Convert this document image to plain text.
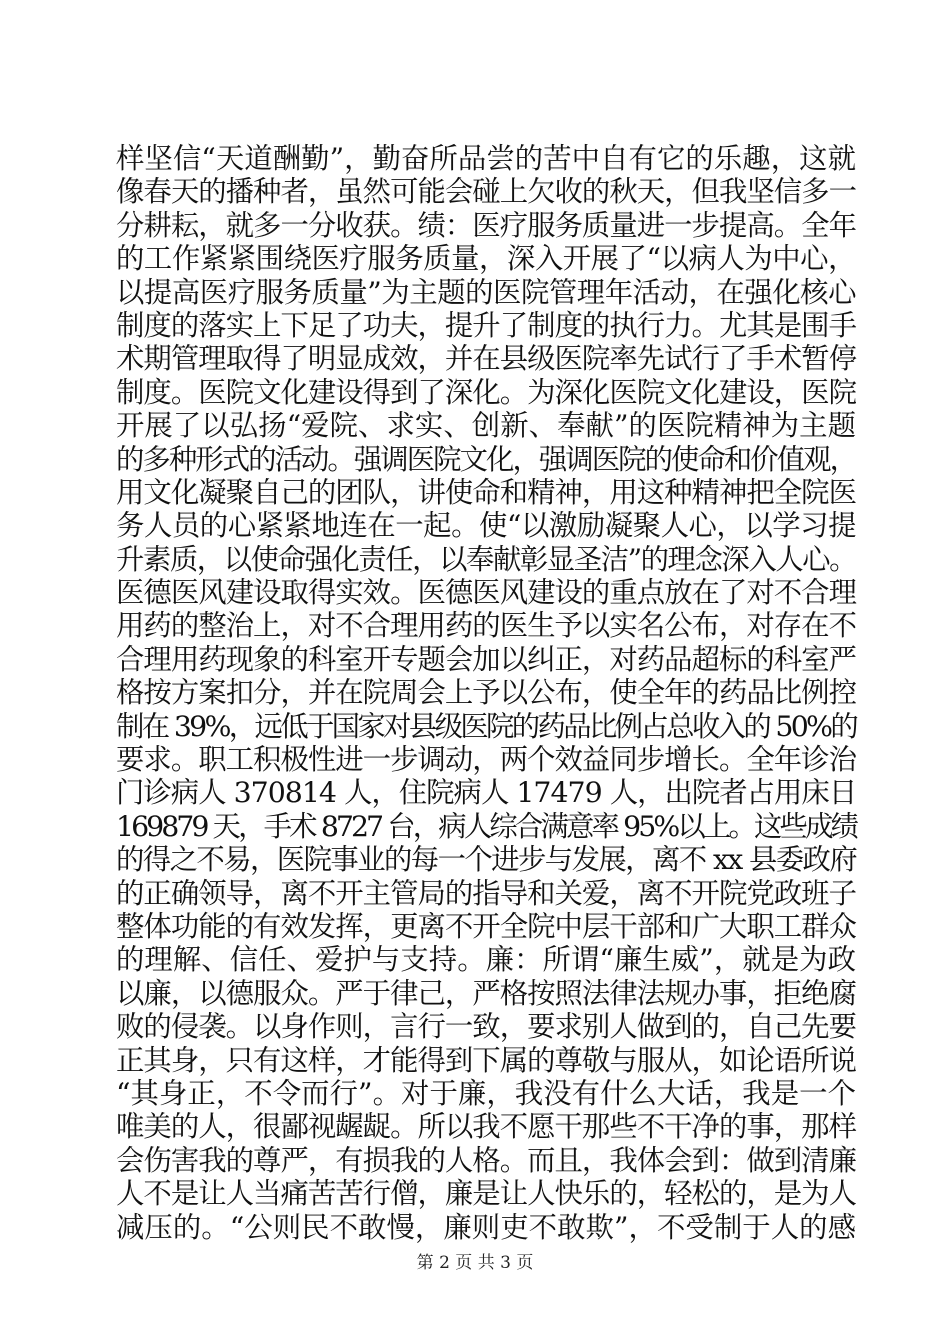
样坚信“天道酬勤”，勤奋所品尝的苦中自有它的乐趣，这就
像春天的播种者，虽然可能会碰上欠收的秋天，但我坚信多一
分耕耘，就多一分收获。绩：医疗服务质量进一步提高。全年
的工作紧紧围绕医疗服务质量，深入开展了“以病人为中心，
以提高医疗服务质量”为主题的医院管理年活动，在强化核心
制度的落实上下足了功夫，提升了制度的执行力。尤其是围手
术期管理取得了明显成效，并在县级医院率先试行了手术暂停
制度。医院文化建设得到了深化。为深化医院文化建设，医院
开展了以弘扬“爱院、求实、创新、奉献”的医院精神为主题
的多种形式的活动。强调医院文化，强调医院的使命和价值观，
用文化凝聚自己的团队，讲使命和精神，用这种精神把全院医
务人员的心紧紧地连在一起。使“以激励凝聚人心，以学习提
升素质，以使命强化责任，以奉献彰显圣洁”的理念深入人心。
医德医风建设取得实效。医德医风建设的重点放在了对不合理
用药的整治上，对不合理用药的医生予以实名公布，对存在不
合理用药现象的科室开专题会加以纠正，对药品超标的科室严
格按方案扣分，并在院周会上予以公布，使全年的药品比例控
制在 39%，远低于国家对县级医院的药品比例占总收入的 50%的
要求。职工积极性进一步调动，两个效益同步增长。全年诊治
门诊病人 370814 人，住院病人 17479 人，出院者占用床日
169879 天，手术 8727 台，病人综合满意率 95%以上。这些成绩
的得之不易，医院事业的每一个进步与发展，离不 xx 县委政府
的正确领导，离不开主管局的指导和关爱，离不开院党政班子
整体功能的有效发挥，更离不开全院中层干部和广大职工群众
的理解、信任、爱护与支持。廉：所谓“廉生威”，就是为政
以廉，以德服众。严于律己，严格按照法律法规办事，拒绝腐
败的侵袭。以身作则，言行一致，要求别人做到的，自己先要
正其身，只有这样，才能得到下属的尊敬与服从，如论语所说
“其身正，不令而行”。对于廉，我没有什么大话，我是一个
唯美的人，很鄙视龌龊。所以我不愿干那些不干净的事，那样
会伤害我的尊严，有损我的人格。而且，我体会到：做到清廉
人不是让人当痛苦苦行僧，廉是让人快乐的，轻松的，是为人
减压的。“公则民不敢慢，廉则吏不敢欺”，不受制于人的感
第 2 页 共 3 页
